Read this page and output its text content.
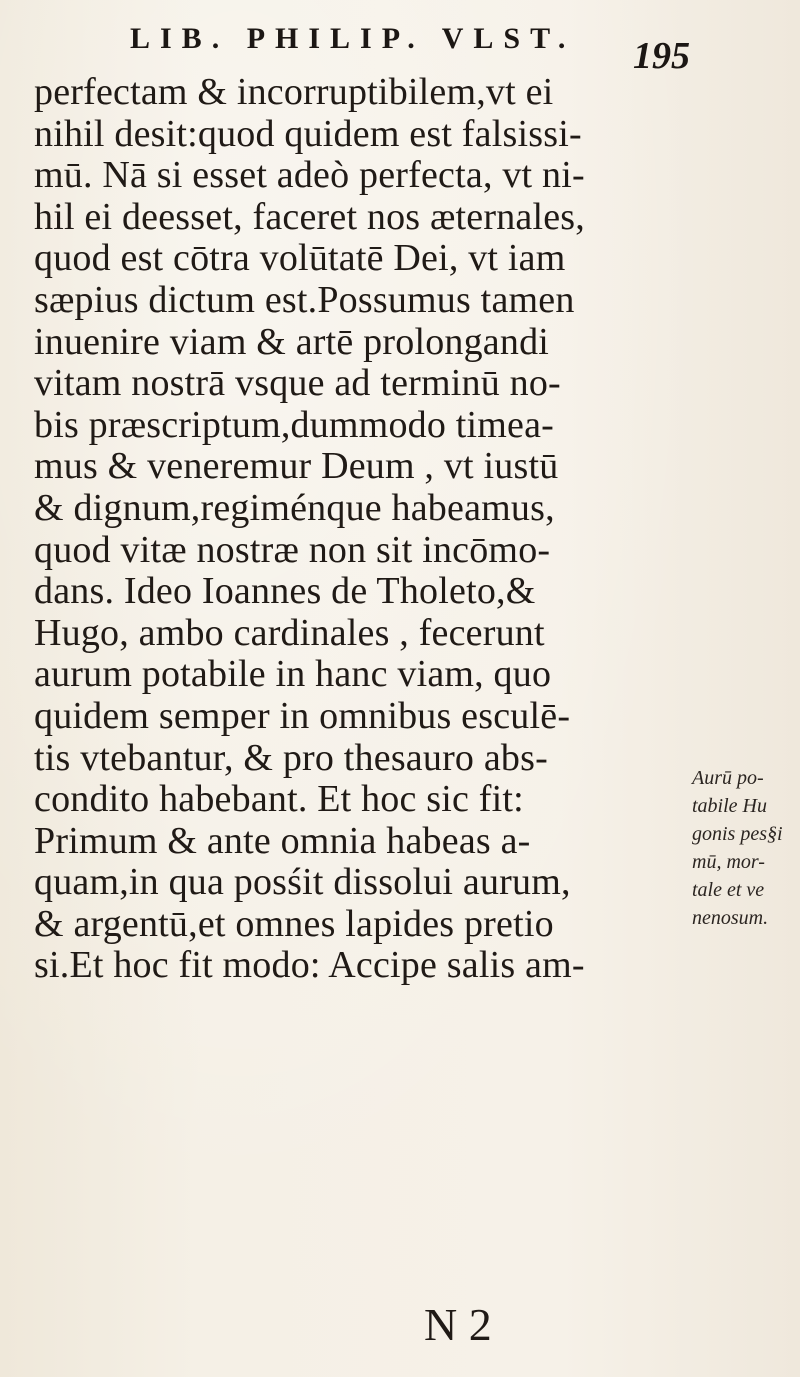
LIB. PHILIP. VLST. 195
perfectam & incorruptibilem,vt ei
nihil desit:quod quidem est falsissi-
mū. Nā si esset adeò perfecta, vt ni-
hil ei deesset, faceret nos æternales,
quod est cōtra volūtatē Dei, vt iam
sæpius dictum est.Possumus tamen
inuenire viam & artē prolongandi
vitam nostrā vsque ad terminū no-
bis præscriptum,dummodo timea-
mus & veneremur Deum , vt iustū
& dignum,regiménque habeamus,
quod vitæ nostræ non sit incōmo-
dans. Ideo Ioannes de Tholeto,&
Hugo, ambo cardinales , fecerunt
aurum potabile in hanc viam, quo
quidem semper in omnibus esculē-
tis vtebantur, & pro thesauro abs-
condito habebant. Et hoc sic fit:
Primum & ante omnia habeas a-
quam,in qua posśit dissolui aurum,
& argentū,et omnes lapides pretio
si.Et hoc fit modo: Accipe salis am-
Aurū po-
tabile Hu
gonis pes§i
mū, mor-
tale et ve
nenosum.
N 2
